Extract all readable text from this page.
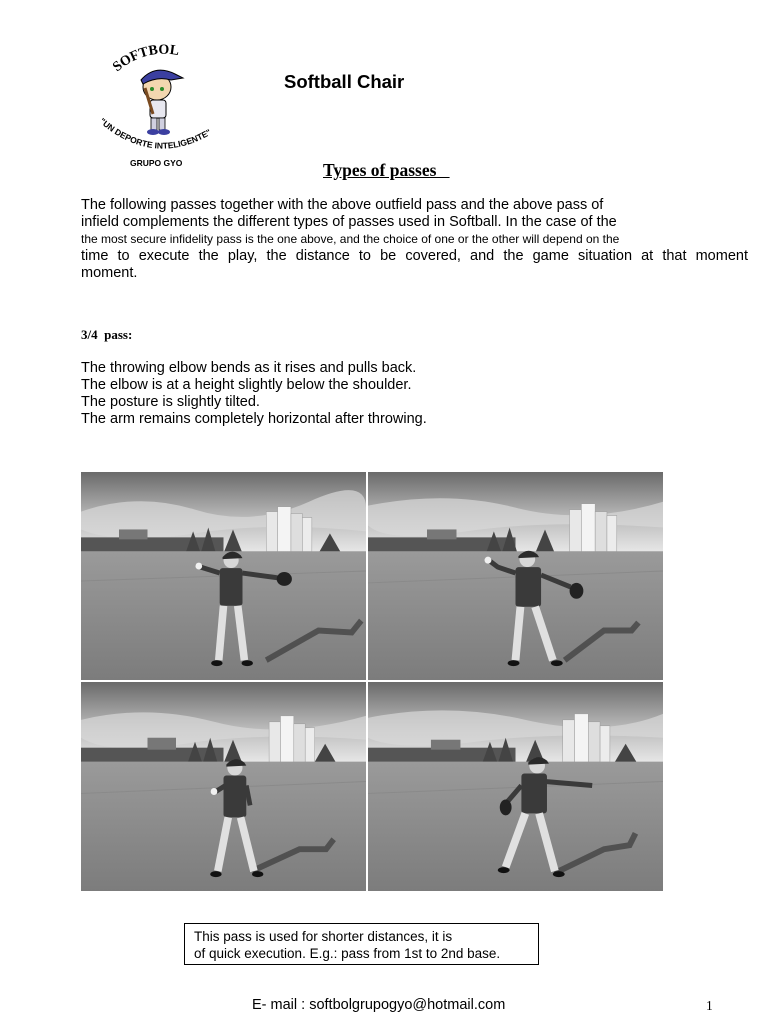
SOFTBOL
"UN DEPORTE INTELIGENTE"
GRUPO GYO
Softball Chair
Types of passes
The following passes together with the above outfield pass and the above pass of
infield complements the different types of passes used in Softball. In the case of the
the most secure infidelity pass is the one above, and the choice of one or the other will depend on the
time to execute the play, the distance to be covered, and the game situation at that moment
moment.
3/4  pass:
The throwing elbow bends as it rises and pulls back.
The elbow is at a height slightly below the shoulder.
The posture is slightly tilted.
The arm remains completely horizontal after throwing.
This pass is used for shorter distances, it is
of quick execution. E.g.: pass from 1st to 2nd base.
E- mail : softbolgrupogyo@hotmail.com	1
